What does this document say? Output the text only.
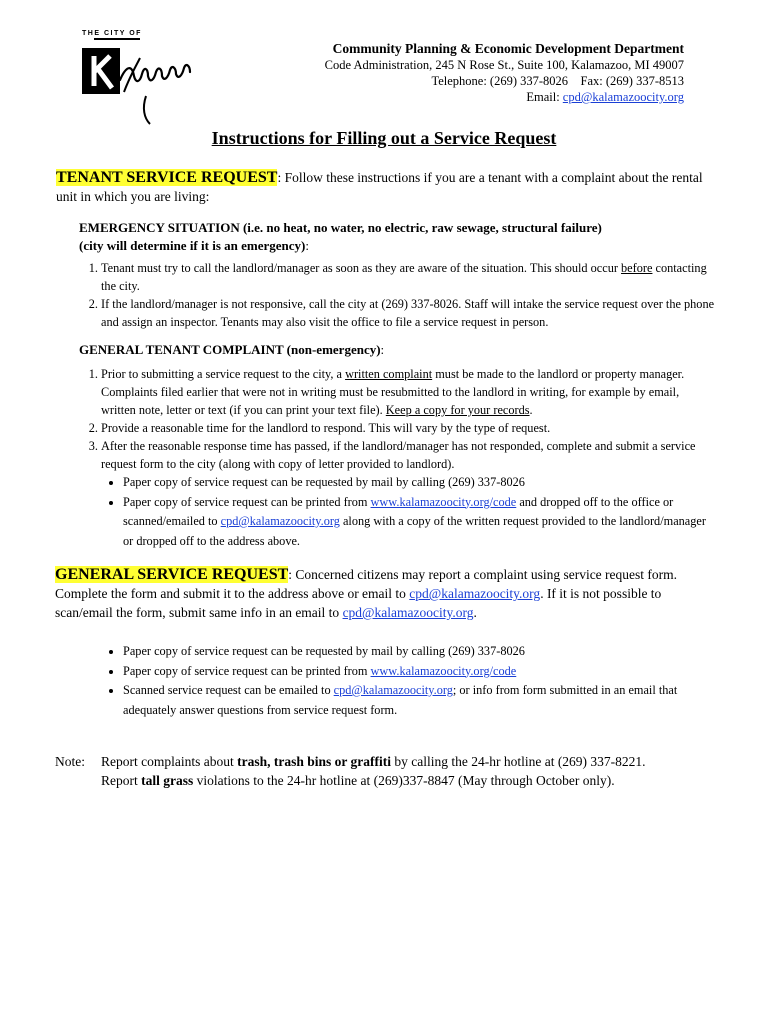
THE CITY OF
Community Planning & Economic Development Department
Code Administration, 245 N Rose St., Suite 100, Kalamazoo, MI 49007
Telephone: (269) 337-8026    Fax: (269) 337-8513
Email: cpd@kalamazoocity.org
Instructions for Filling out a Service Request
TENANT SERVICE REQUEST: Follow these instructions if you are a tenant with a complaint about the rental unit in which you are living:
EMERGENCY SITUATION (i.e. no heat, no water, no electric, raw sewage, structural failure)
(city will determine if it is an emergency):
1. Tenant must try to call the landlord/manager as soon as they are aware of the situation. This should occur before contacting the city.
2. If the landlord/manager is not responsive, call the city at (269) 337-8026. Staff will intake the service request over the phone and assign an inspector. Tenants may also visit the office to file a service request in person.
GENERAL TENANT COMPLAINT (non-emergency):
1. Prior to submitting a service request to the city, a written complaint must be made to the landlord or property manager. Complaints filed earlier that were not in writing must be resubmitted to the landlord in writing, for example by email, written note, letter or text (if you can print your text file). Keep a copy for your records.
2. Provide a reasonable time for the landlord to respond. This will vary by the type of request.
3. After the reasonable response time has passed, if the landlord/manager has not responded, complete and submit a service request form to the city (along with copy of letter provided to landlord).
• Paper copy of service request can be requested by mail by calling (269) 337-8026
• Paper copy of service request can be printed from www.kalamazoocity.org/code and dropped off to the office or scanned/emailed to cpd@kalamazoocity.org along with a copy of the written request provided to the landlord/manager or dropped off to the address above.
GENERAL SERVICE REQUEST: Concerned citizens may report a complaint using service request form. Complete the form and submit it to the address above or email to cpd@kalamazoocity.org. If it is not possible to scan/email the form, submit same info in an email to cpd@kalamazoocity.org.
• Paper copy of service request can be requested by mail by calling (269) 337-8026
• Paper copy of service request can be printed from www.kalamazoocity.org/code
• Scanned service request can be emailed to cpd@kalamazoocity.org; or info from form submitted in an email that adequately answer questions from service request form.
Note:	Report complaints about trash, trash bins or graffiti by calling the 24-hr hotline at (269) 337-8221.
Report tall grass violations to the 24-hr hotline at (269)337-8847 (May through October only).
